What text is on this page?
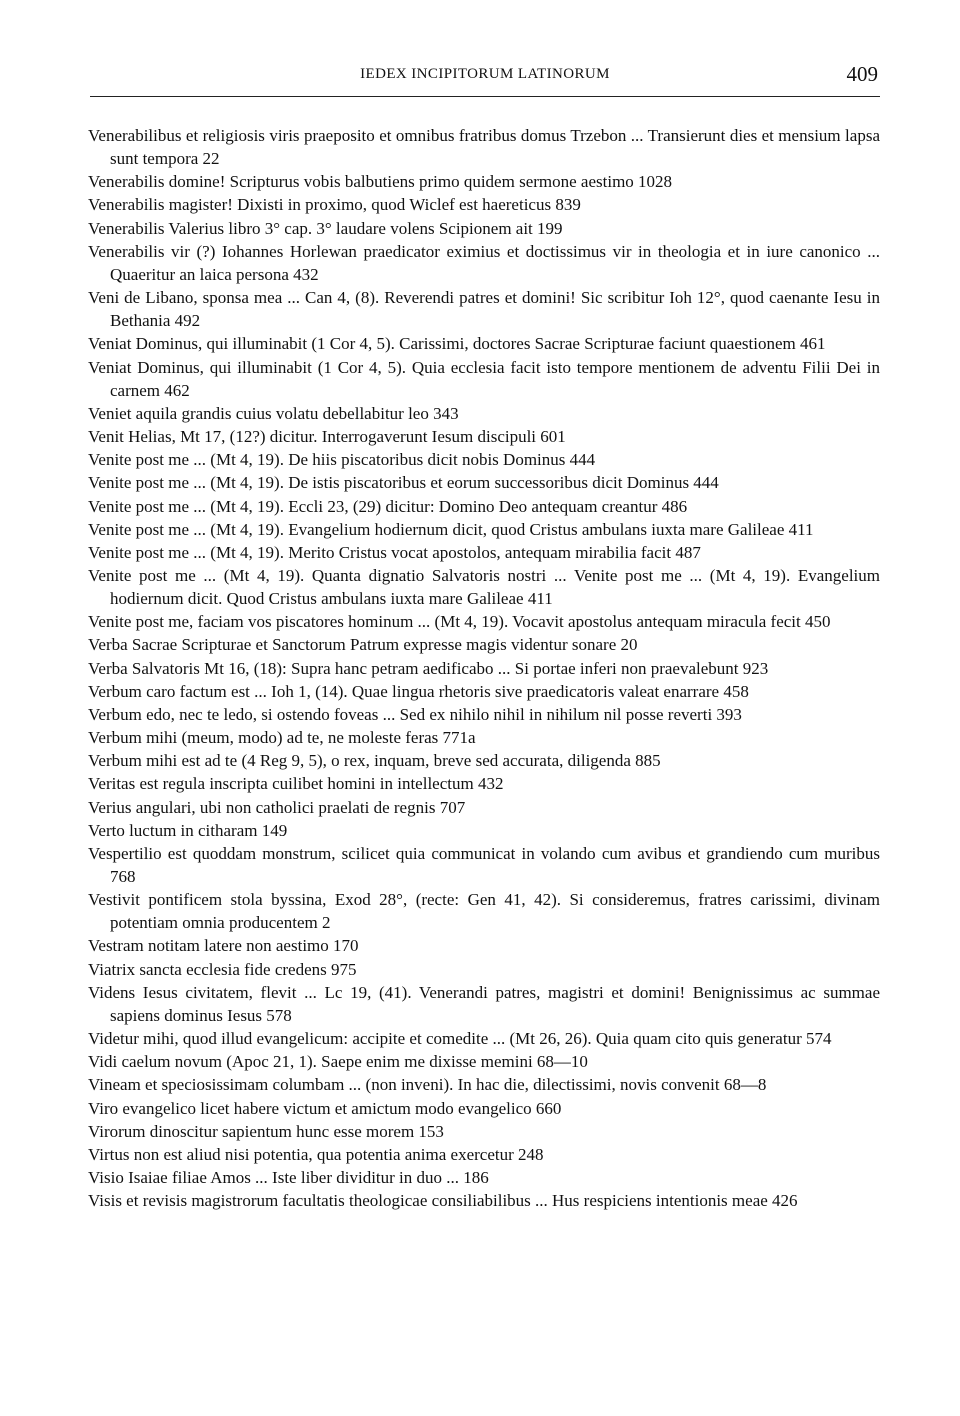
IEDEX INCIPITORUM LATINORUM	409

Venerabilibus et religiosis viris praeposito et omnibus fratribus domus Trzebon ... Transierunt dies et mensium lapsa sunt tempora 22

Venerabilis domine! Scripturus vobis balbutiens primo quidem sermone aestimo 1028

Venerabilis magister! Dixisti in proximo, quod Wiclef est haereticus 839

Venerabilis Valerius libro 3° cap. 3° laudare volens Scipionem ait 199

Venerabilis vir (?) Iohannes Horlewan praedicator eximius et doctissimus vir in theologia et in iure canonico ... Quaeritur an laica persona 432

Veni de Libano, sponsa mea ... Can 4, (8). Reverendi patres et domini! Sic scribitur Ioh 12°, quod caenante Iesu in Bethania 492

Veniat Dominus, qui illuminabit (1 Cor 4, 5). Carissimi, doctores Sacrae Scripturae faciunt quaestionem 461

Veniat Dominus, qui illuminabit (1 Cor 4, 5). Quia ecclesia facit isto tempore mentionem de adventu Filii Dei in carnem 462

Veniet aquila grandis cuius volatu debellabitur leo 343

Venit Helias, Mt 17, (12?) dicitur. Interrogaverunt Iesum discipuli 601

Venite post me ... (Mt 4, 19). De hiis piscatoribus dicit nobis Dominus 444

Venite post me ... (Mt 4, 19). De istis piscatoribus et eorum successoribus dicit Dominus 444

Venite post me ... (Mt 4, 19). Eccli 23, (29) dicitur: Domino Deo antequam creantur 486

Venite post me ... (Mt 4, 19). Evangelium hodiernum dicit, quod Cristus ambulans iuxta mare Galileae 411

Venite post me ... (Mt 4, 19). Merito Cristus vocat apostolos, antequam mirabilia facit 487

Venite post me ... (Mt 4, 19). Quanta dignatio Salvatoris nostri ... Venite post me ... (Mt 4, 19). Evangelium hodiernum dicit. Quod Cristus ambulans iuxta mare Galileae 411

Venite post me, faciam vos piscatores hominum ... (Mt 4, 19). Vocavit apostolus antequam miracula fecit 450

Verba Sacrae Scripturae et Sanctorum Patrum expresse magis videntur sonare 20

Verba Salvatoris Mt 16, (18): Supra hanc petram aedificabo ... Si portae inferi non praevalebunt 923

Verbum caro factum est ... Ioh 1, (14). Quae lingua rhetoris sive praedicatoris valeat enarrare 458

Verbum edo, nec te ledo, si ostendo foveas ... Sed ex nihilo nihil in nihilum nil posse reverti 393

Verbum mihi (meum, modo) ad te, ne moleste feras 771a

Verbum mihi est ad te (4 Reg 9, 5), o rex, inquam, breve sed accurata, diligenda 885

Veritas est regula inscripta cuilibet homini in intellectum 432

Verius angulari, ubi non catholici praelati de regnis 707

Verto luctum in citharam 149

Vespertilio est quoddam monstrum, scilicet quia communicat in volando cum avibus et grandiendo cum muribus 768

Vestivit pontificem stola byssina, Exod 28°, (recte: Gen 41, 42). Si consideremus, fratres carissimi, divinam potentiam omnia producentem 2

Vestram notitam latere non aestimo 170

Viatrix sancta ecclesia fide credens 975

Videns Iesus civitatem, flevit ... Lc 19, (41). Venerandi patres, magistri et domini! Benignissimus ac summae sapiens dominus Iesus 578

Videtur mihi, quod illud evangelicum: accipite et comedite ... (Mt 26, 26). Quia quam cito quis generatur 574

Vidi caelum novum (Apoc 21, 1). Saepe enim me dixisse memini 68—10

Vineam et speciosissimam columbam ... (non inveni). In hac die, dilectissimi, novis convenit 68—8

Viro evangelico licet habere victum et amictum modo evangelico 660

Virorum dinoscitur sapientum hunc esse morem 153

Virtus non est aliud nisi potentia, qua potentia anima exercetur 248

Visio Isaiae filiae Amos ... Iste liber dividitur in duo ... 186

Visis et revisis magistrorum facultatis theologicae consiliabilibus ... Hus respiciens intentionis meae 426
